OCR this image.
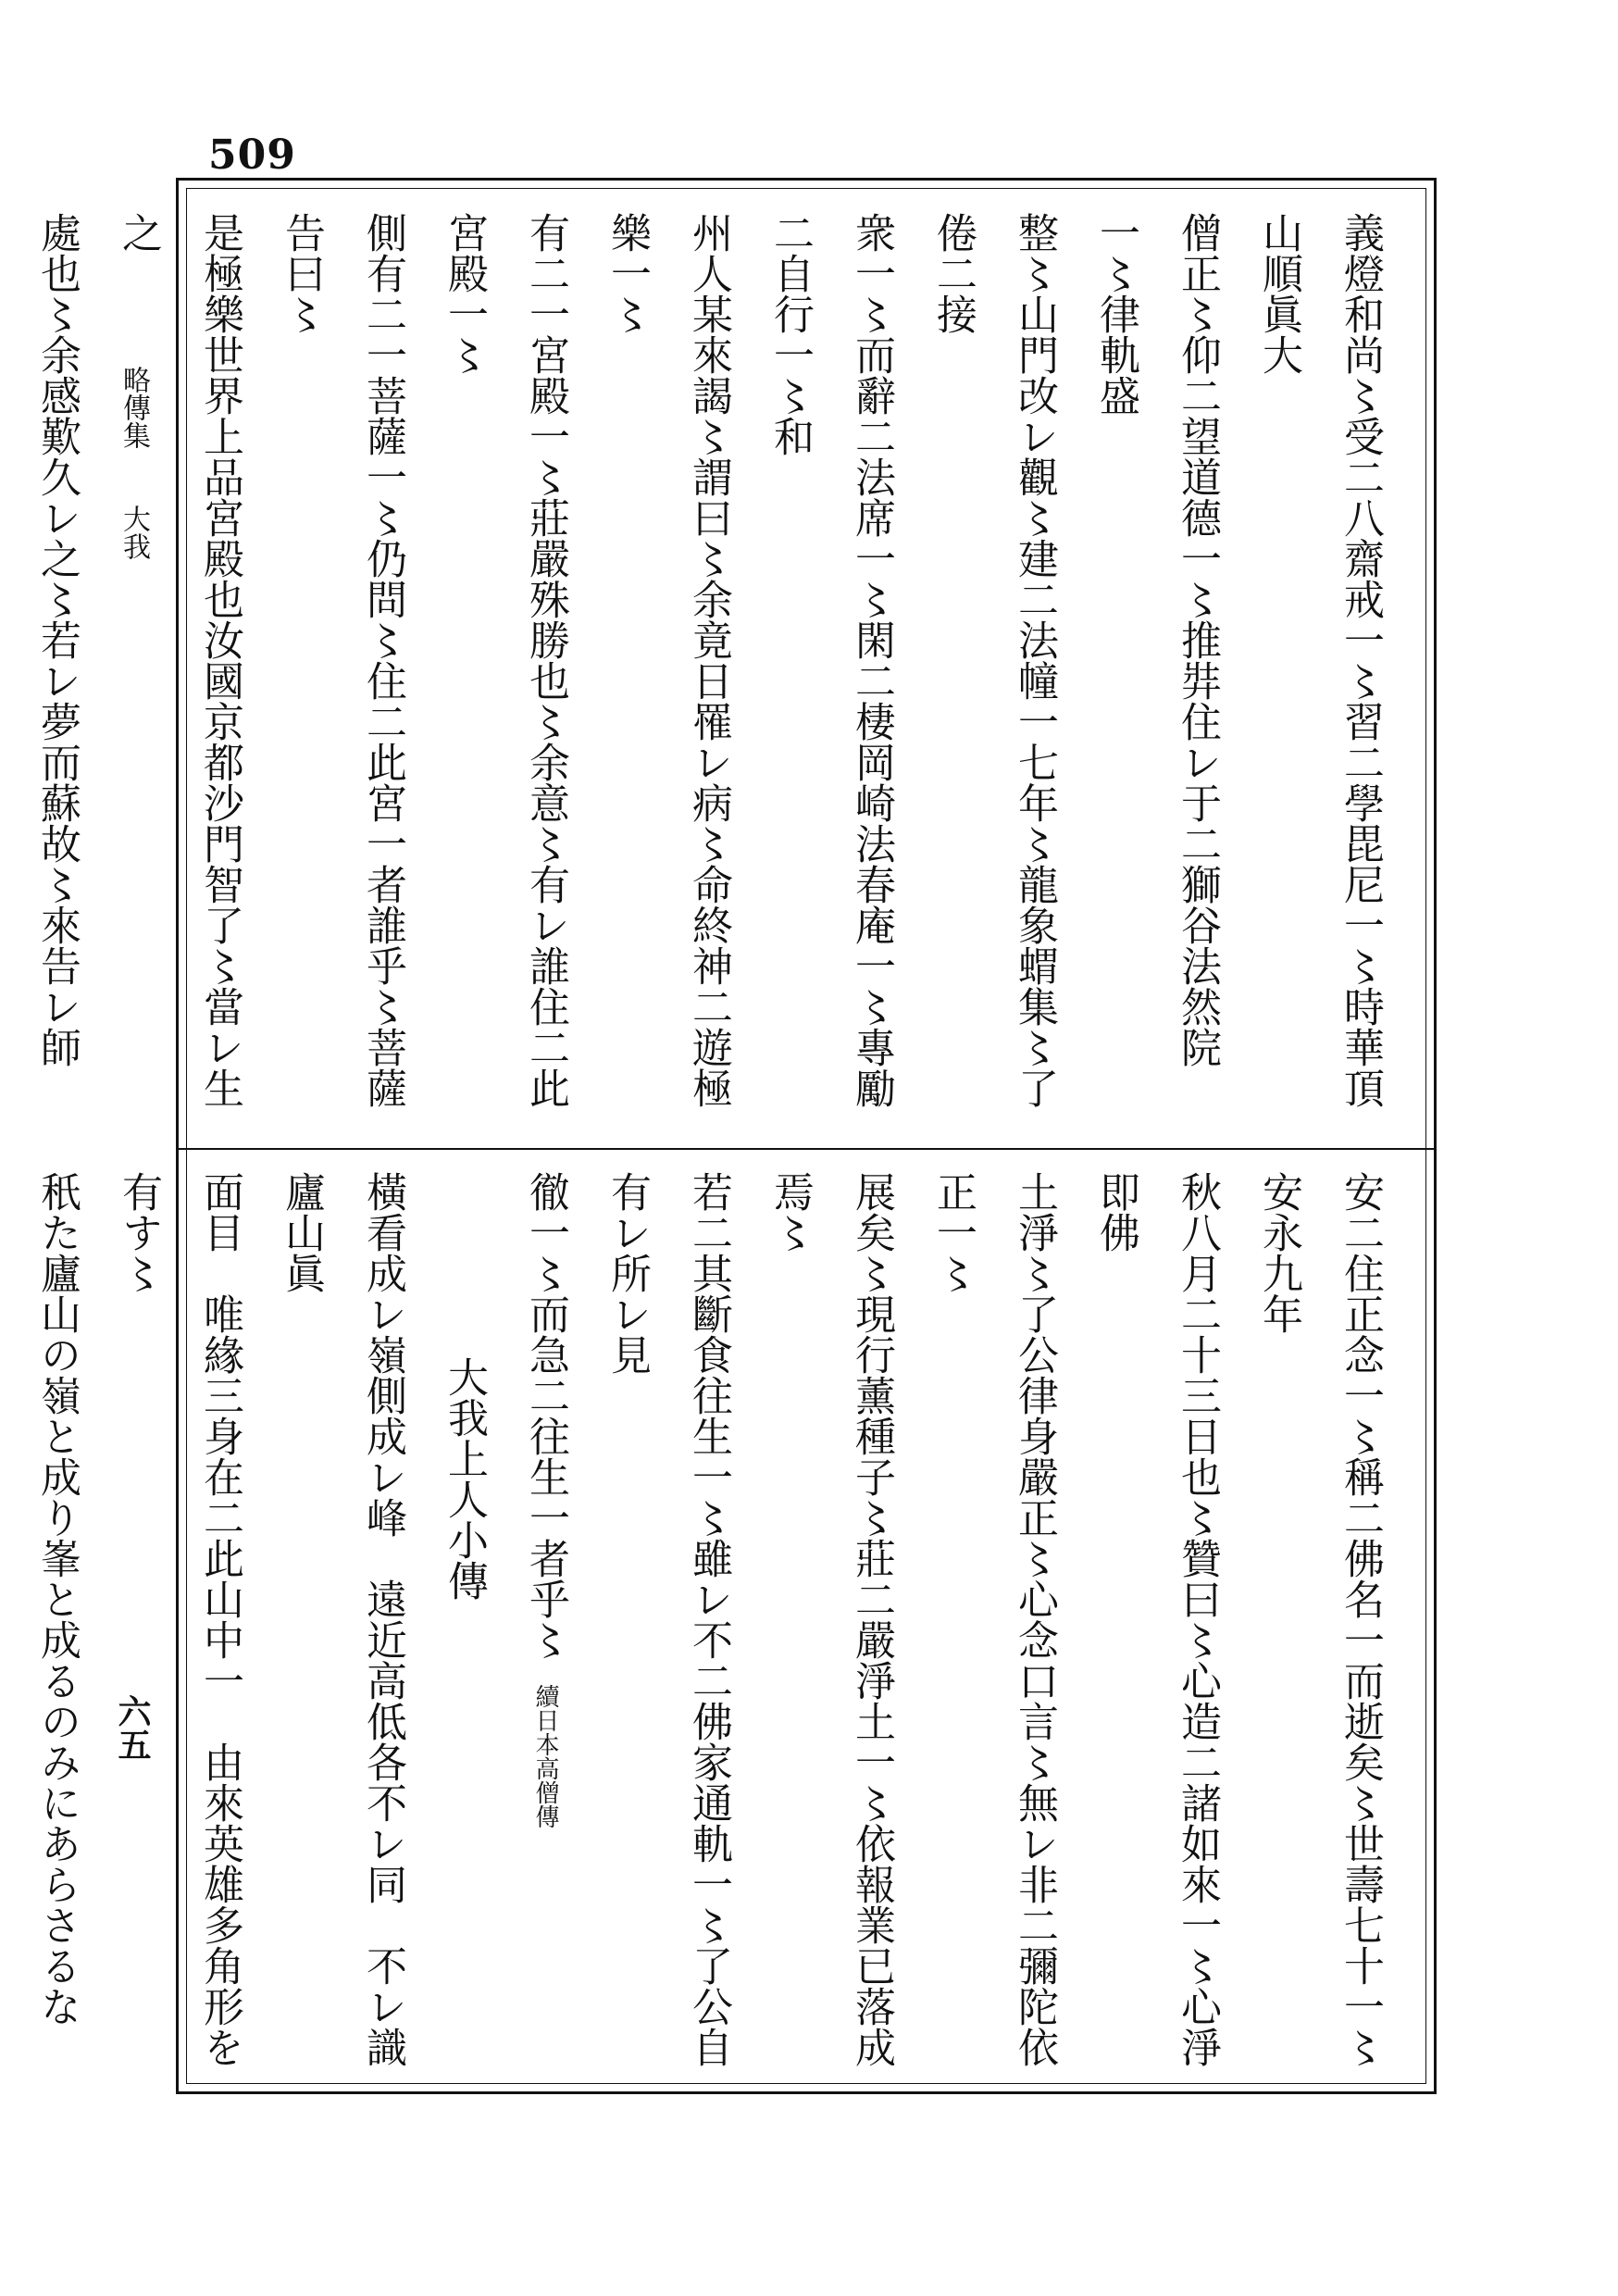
509
略傳集大我
六五
義燈和尚〻受二八齋戒一〻習二學毘尼一〻時華頂山順眞大
僧正〻仰二望道德一〻推弉住レ于二獅谷法然院一〻律軌盛
整〻山門改レ觀〻建二法幢一七年〻龍象蝟集〻了倦二接
衆一〻而辭二法席一〻閑二棲岡崎法春庵一〻專勵二自行一〻和
州人某來謁〻謂曰〻余竟日罹レ病〻命終神二遊極樂一〻
有二一宮殿一〻莊嚴殊勝也〻余意〻有レ誰住二此宮殿一〻
側有二一菩薩一〻仍問〻住二此宮一者誰乎〻菩薩告曰〻
是極樂世界上品宮殿也汝國京都沙門智了〻當レ生之
處也〻余感歎久レ之〻若レ夢而蘇故〻來告レ師
安二住正念一〻稱二佛名一而逝矣〻世壽七十一〻安永九年
秋八月二十三日也〻贊曰〻心造二諸如來一〻心淨即佛
土淨〻了公律身嚴正〻心念口言〻無レ非二彌陀依正一〻
展矣〻現行薰種子〻莊二嚴淨土一〻依報業已落成焉〻
若二其斷食往生一〻雖レ不二佛家通軌一〻了公自有レ所レ見
徹一〻而急二往生一者乎〻　續日本高僧傳
大我上人小傳
橫看成レ嶺側成レ峰　遠近高低各不レ同　不レ識廬山眞
面目　唯緣三身在二此山中一　由來英雄多角形を有す〻
秖た廬山の嶺と成り峯と成るのみにあらさるな
